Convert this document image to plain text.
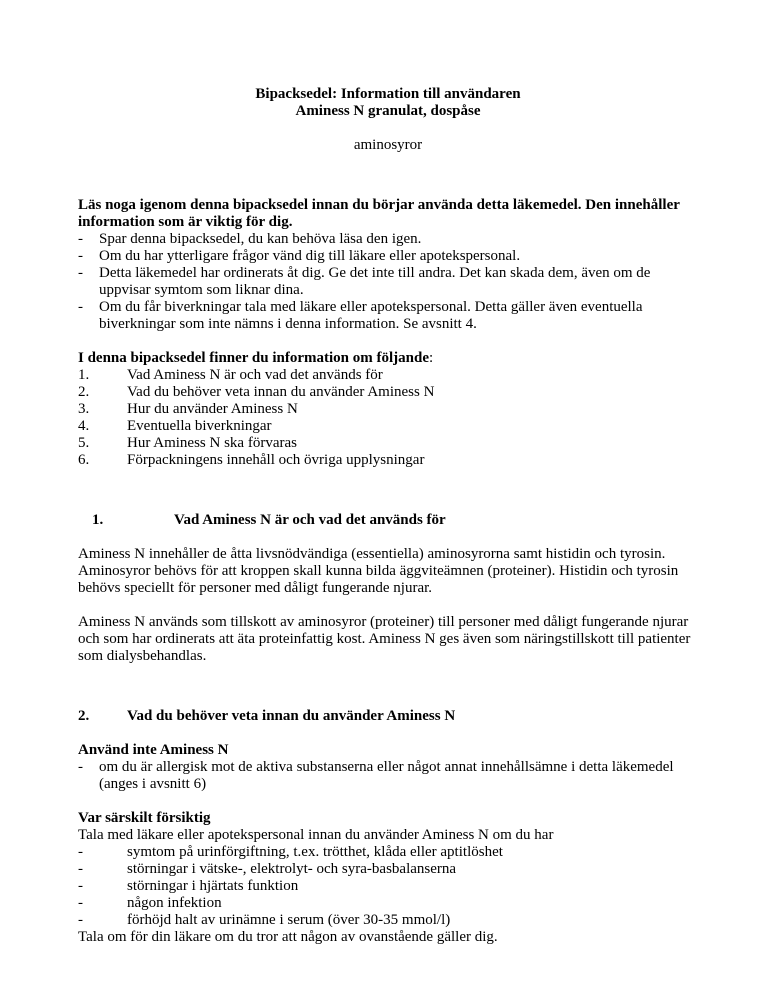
Bipacksedel: Information till användaren
Aminess N granulat, dospåse
aminosyror

Läs noga igenom denna bipacksedel innan du börjar använda detta läkemedel. Den innehåller information som är viktig för dig.

- Spar denna bipacksedel, du kan behöva läsa den igen.
- Om du har ytterligare frågor vänd dig till läkare eller apotekspersonal.
- Detta läkemedel har ordinerats åt dig. Ge det inte till andra. Det kan skada dem, även om de uppvisar symtom som liknar dina.
- Om du får biverkningar tala med läkare eller apotekspersonal. Detta gäller även eventuella biverkningar som inte nämns i denna information. Se avsnitt 4.

I denna bipacksedel finner du information om följande:

1.	Vad Aminess N är och vad det används för
2.	Vad du behöver veta innan du använder Aminess N
3.	Hur du använder Aminess N
4.	Eventuella biverkningar
5.	Hur Aminess N ska förvaras
6.	Förpackningens innehåll och övriga upplysningar
1.	Vad Aminess N är och vad det används för

Aminess N innehåller de åtta livsnödvändiga (essentiella) aminosyrorna samt histidin och tyrosin. Aminosyror behövs för att kroppen skall kunna bilda äggviteämnen (proteiner). Histidin och tyrosin behövs speciellt för personer med dåligt fungerande njurar.

Aminess N används som tillskott av aminosyror (proteiner) till personer med dåligt fungerande njurar och som har ordinerats att äta proteinfattig kost. Aminess N ges även som näringstillskott till patienter som dialysbehandlas.

2.	Vad du behöver veta innan du använder Aminess N

Använd inte Aminess N

- om du är allergisk mot de aktiva substanserna eller något annat innehållsämne i detta läkemedel (anges i avsnitt 6)

Var särskilt försiktig

Tala med läkare eller apotekspersonal innan du använder Aminess N om du har

-	symtom på urinförgiftning, t.ex. trötthet, klåda eller aptitlöshet
-	störningar i vätske-, elektrolyt- och syra-basbalanserna
-	störningar i hjärtats funktion
-	någon infektion
-	förhöjd halt av urinämne i serum (över 30-35 mmol/l)

Tala om för din läkare om du tror att någon av ovanstående gäller dig.
